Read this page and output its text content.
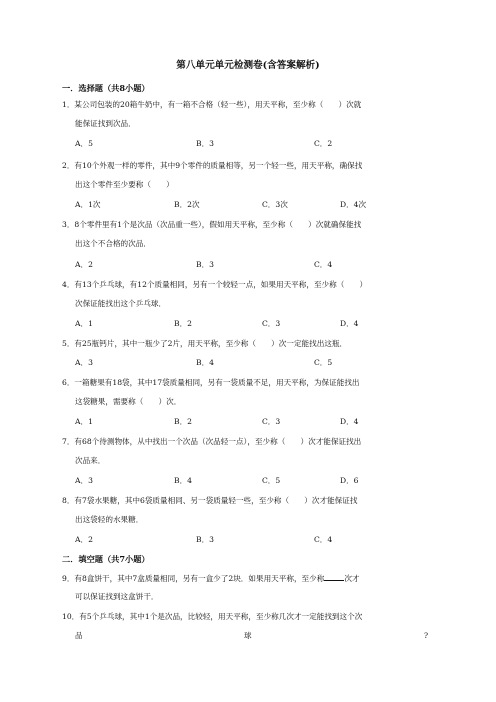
第八单元单元检测卷(含答案解析)
一．选择题（共8小题）
1．某公司包装的20箱牛奶中，有一箱不合格（轻一些），用天平称，至少称（　　）次就
能保证找到次品．
A．5	B．3	C．2
2．有10个外观一样的零件，其中9个零件的质量相等，另一个轻一些，用天平称，确保找
出这个零件至少要称（　　）
A．1次	B．2次	C．3次	D．4次
3．8个零件里有1个是次品（次品重一些），假如用天平称，至少称（　　）次就确保能找
出这个不合格的次品．
A．2	B．3	C．4
4．有13个乒乓球，有12个质量相同，另有一个较轻一点，如果用天平称，至少称（　　）
次保证能找出这个乒乓球．
A．1	B．2	C．3	D．4
5．有25瓶钙片，其中一瓶少了2片，用天平称，至少称（　　）次一定能找出这瓶．
A．3	B．4	C．5
6．一箱糖果有18袋，其中17袋质量相同，另有一袋质量不足，用天平称，为保证能找出
这袋糖果，需要称（　　）次．
A．1	B．2	C．3	D．4
7．有68个待测物体，从中找出一个次品（次品轻一点），至少称（　　）次才能保证找出
次品来．
A．3	B．4	C．5	D．6
8．有7袋水果糖，其中6袋质量相同、另一袋质量轻一些，至少称（　　）次才能保证找
出这袋轻的水果糖．
A．2	B．3	C．4
二．填空题（共7小题）
9．有8盒饼干，其中7盒质量相同，另有一盒少了2块．如果用天平称，至少称	次才
可以保证找到这盒饼干．
10．有5个乒乓球，其中1个是次品，比较轻，用天平称，至少称几次才一定能找到这个次
品	球	?
